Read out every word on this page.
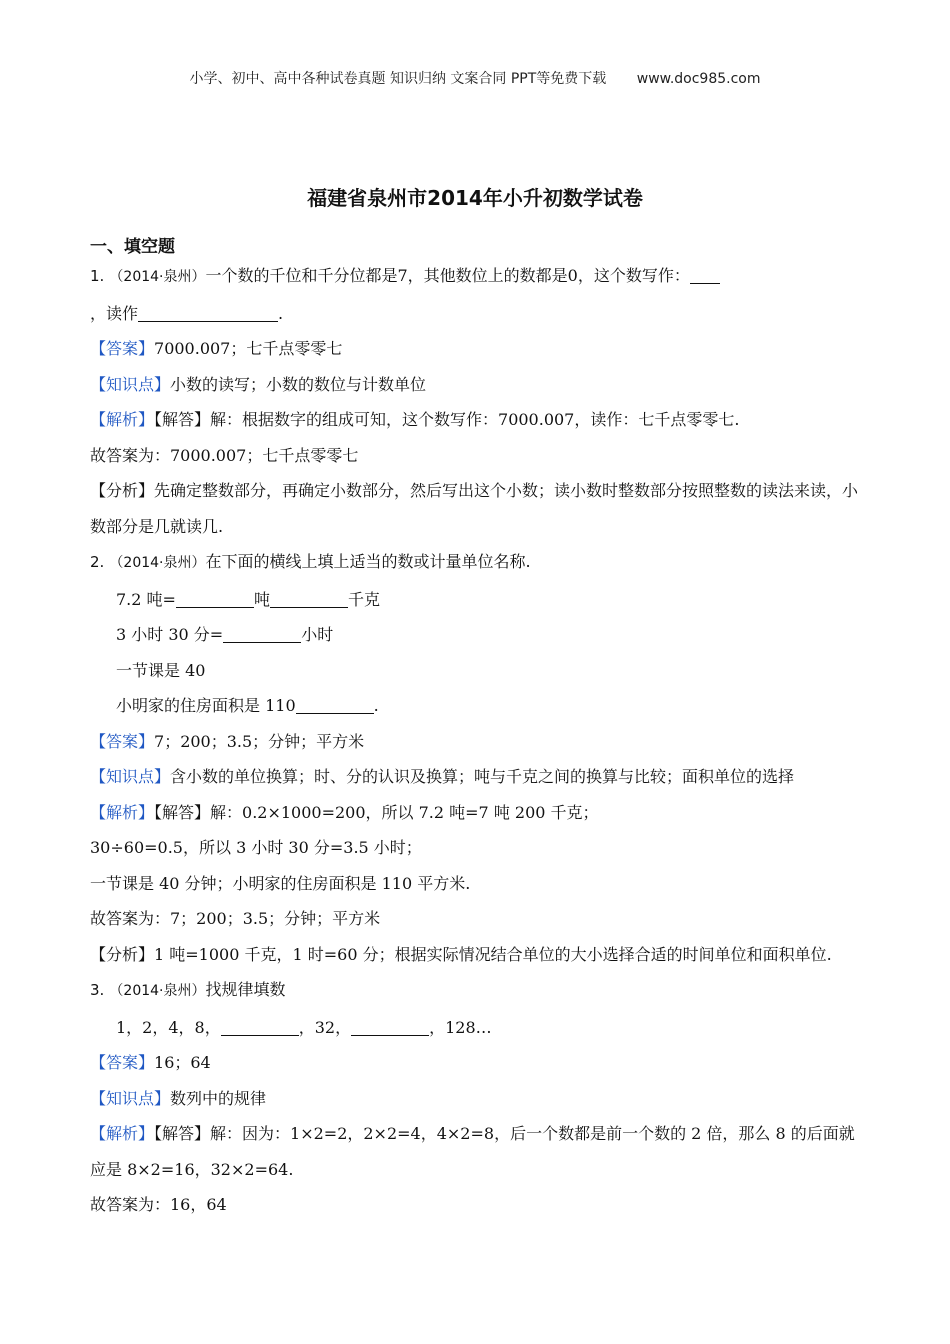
小学、初中、高中各种试卷真题 知识归纳 文案合同 PPT等免费下载 www.doc985.com
福建省泉州市2014年小升初数学试卷
一、填空题
1. （2014·泉州）一个数的千位和千分位都是7，其他数位上的数都是0，这个数写作：
，读作	.
【答案】7000.007；七千点零零七
【知识点】小数的读写；小数的数位与计数单位
【解析】【解答】解：根据数字的组成可知，这个数写作：7000.007，读作：七千点零零七.
故答案为：7000.007；七千点零零七
【分析】先确定整数部分，再确定小数部分，然后写出这个小数；读小数时整数部分按照整数的读法来读，小数部分是几就读几.
2. （2014·泉州）在下面的横线上填上适当的数或计量单位名称.
7.2 吨=	吨	千克
3 小时 30 分=	小时
一节课是 40
小明家的住房面积是 110	.
【答案】7；200；3.5；分钟；平方米
【知识点】含小数的单位换算；时、分的认识及换算；吨与千克之间的换算与比较；面积单位的选择
【解析】【解答】解：0.2×1000=200，所以 7.2 吨=7 吨 200 千克；
30÷60=0.5，所以 3 小时 30 分=3.5 小时；
一节课是 40 分钟；小明家的住房面积是 110 平方米.
故答案为：7；200；3.5；分钟；平方米
【分析】1 吨=1000 千克，1 时=60 分；根据实际情况结合单位的大小选择合适的时间单位和面积单位.
3. （2014·泉州）找规律填数
1，2，4，8，	，32，	，128…
【答案】16；64
【知识点】数列中的规律
【解析】【解答】解：因为：1×2=2，2×2=4，4×2=8，后一个数都是前一个数的 2 倍，那么 8 的后面就应是 8×2=16，32×2=64.
故答案为：16，64
